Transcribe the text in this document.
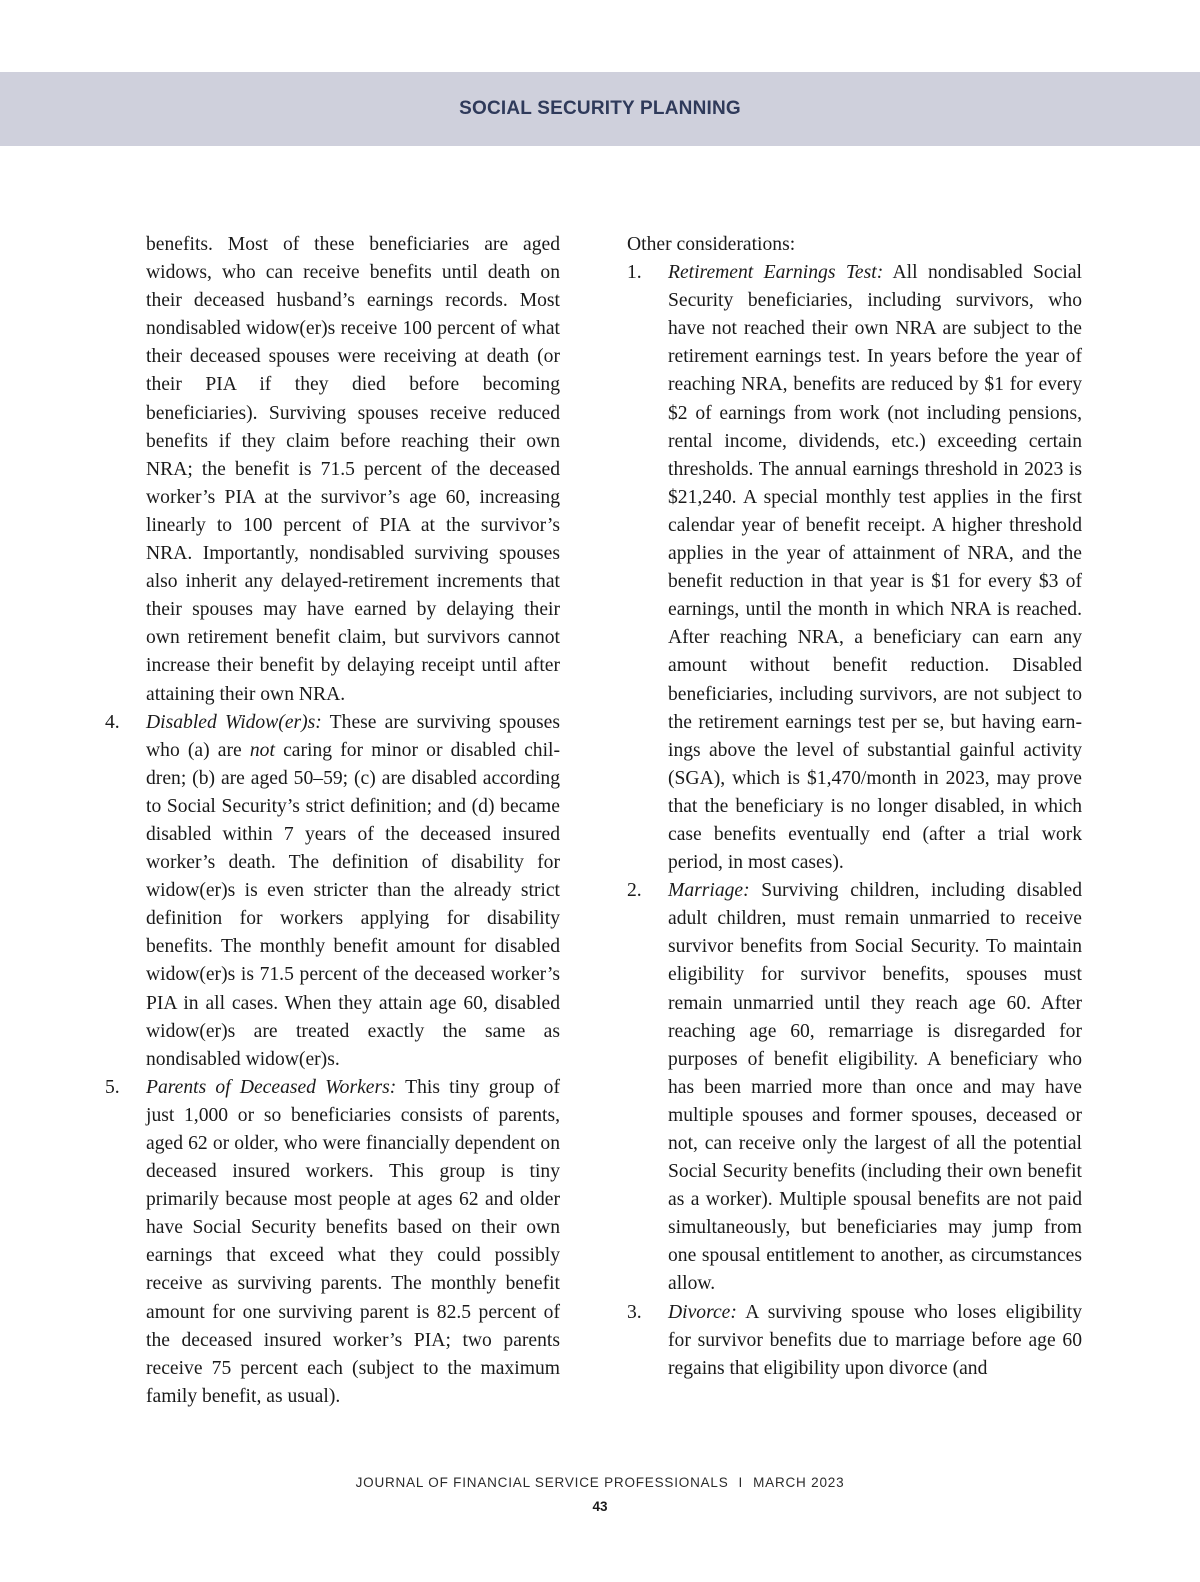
SOCIAL SECURITY PLANNING

benefits. Most of these beneficiaries are aged widows, who can receive benefits until death on their deceased husband’s earnings records. Most nondisabled widow(er)s receive 100 percent of what their deceased spouses were receiving at death (or their PIA if they died before becoming beneficiaries). Surviving spouses receive reduced benefits if they claim before reaching their own NRA; the benefit is 71.5 percent of the deceased worker’s PIA at the survivor’s age 60, increasing linearly to 100 percent of PIA at the survivor’s NRA. Importantly, nondisabled surviving spouses also inherit any delayed-retirement increments that their spouses may have earned by delaying their own retirement benefit claim, but survivors cannot increase their benefit by delaying receipt until after attaining their own NRA.

4. Disabled Widow(er)s: These are surviving spouses who (a) are not caring for minor or disabled children; (b) are aged 50–59; (c) are disabled according to Social Security’s strict definition; and (d) became disabled within 7 years of the deceased insured worker’s death. The definition of disability for widow(er)s is even stricter than the already strict definition for workers applying for disability benefits. The monthly benefit amount for disabled widow(er)s is 71.5 percent of the deceased worker’s PIA in all cases. When they attain age 60, disabled widow(er)s are treated exactly the same as nondisabled widow(er)s.
5. Parents of Deceased Workers: This tiny group of just 1,000 or so beneficiaries consists of parents, aged 62 or older, who were financially dependent on deceased insured workers. This group is tiny primarily because most people at ages 62 and older have Social Security benefits based on their own earnings that exceed what they could possibly receive as surviving parents. The monthly benefit amount for one surviving parent is 82.5 percent of the deceased insured worker’s PIA; two parents receive 75 percent each (subject to the maximum family benefit, as usual).

Other considerations:

1. Retirement Earnings Test: All nondisabled Social Security beneficiaries, including survivors, who have not reached their own NRA are subject to the retirement earnings test. In years before the year of reaching NRA, benefits are reduced by $1 for every $2 of earnings from work (not including pensions, rental income, dividends, etc.) exceeding certain thresholds. The annual earnings threshold in 2023 is $21,240. A special monthly test applies in the first calendar year of benefit receipt. A higher threshold applies in the year of attainment of NRA, and the benefit reduction in that year is $1 for every $3 of earnings, until the month in which NRA is reached. After reaching NRA, a beneficiary can earn any amount without benefit reduction. Disabled beneficiaries, including survivors, are not subject to the retirement earnings test per se, but having earnings above the level of substantial gainful activity (SGA), which is $1,470/month in 2023, may prove that the beneficiary is no longer disabled, in which case benefits eventually end (after a trial work period, in most cases).
2. Marriage: Surviving children, including disabled adult children, must remain unmarried to receive survivor benefits from Social Security. To maintain eligibility for survivor benefits, spouses must remain unmarried until they reach age 60. After reaching age 60, remarriage is disregarded for purposes of benefit eligibility. A beneficiary who has been married more than once and may have multiple spouses and former spouses, deceased or not, can receive only the largest of all the potential Social Security benefits (including their own benefit as a worker). Multiple spousal benefits are not paid simultaneously, but beneficiaries may jump from one spousal entitlement to another, as circumstances allow.
3. Divorce: A surviving spouse who loses eligibility for survivor benefits due to marriage before age 60 regains that eligibility upon divorce (and
JOURNAL OF FINANCIAL SERVICE PROFESSIONALS I MARCH 2023
43
